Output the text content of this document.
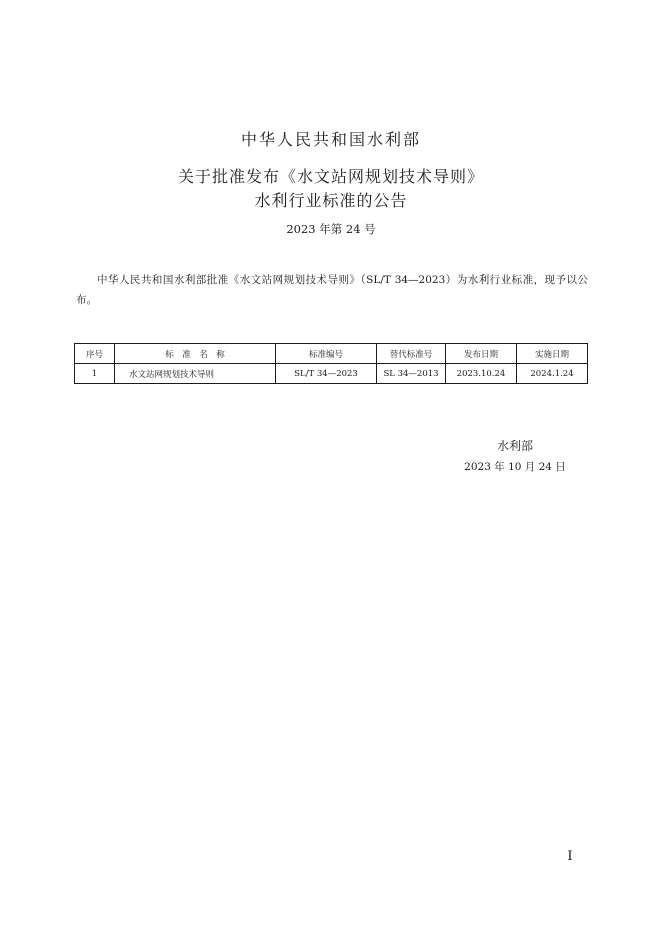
中华人民共和国水利部
关于批准发布《水文站网规划技术导则》
水利行业标准的公告
2023 年第 24 号
中华人民共和国水利部批准《水文站网规划技术导则》（SL/T 34—2023）为水利行业标准，现予以公布。
序号	标　准　名　称	标准编号	替代标准号	发布日期	实施日期
1	水文站网规划技术导则	SL/T 34—2023	SL 34—2013	2023.10.24	2024.1.24
水利部
2023 年 10 月 24 日
I
